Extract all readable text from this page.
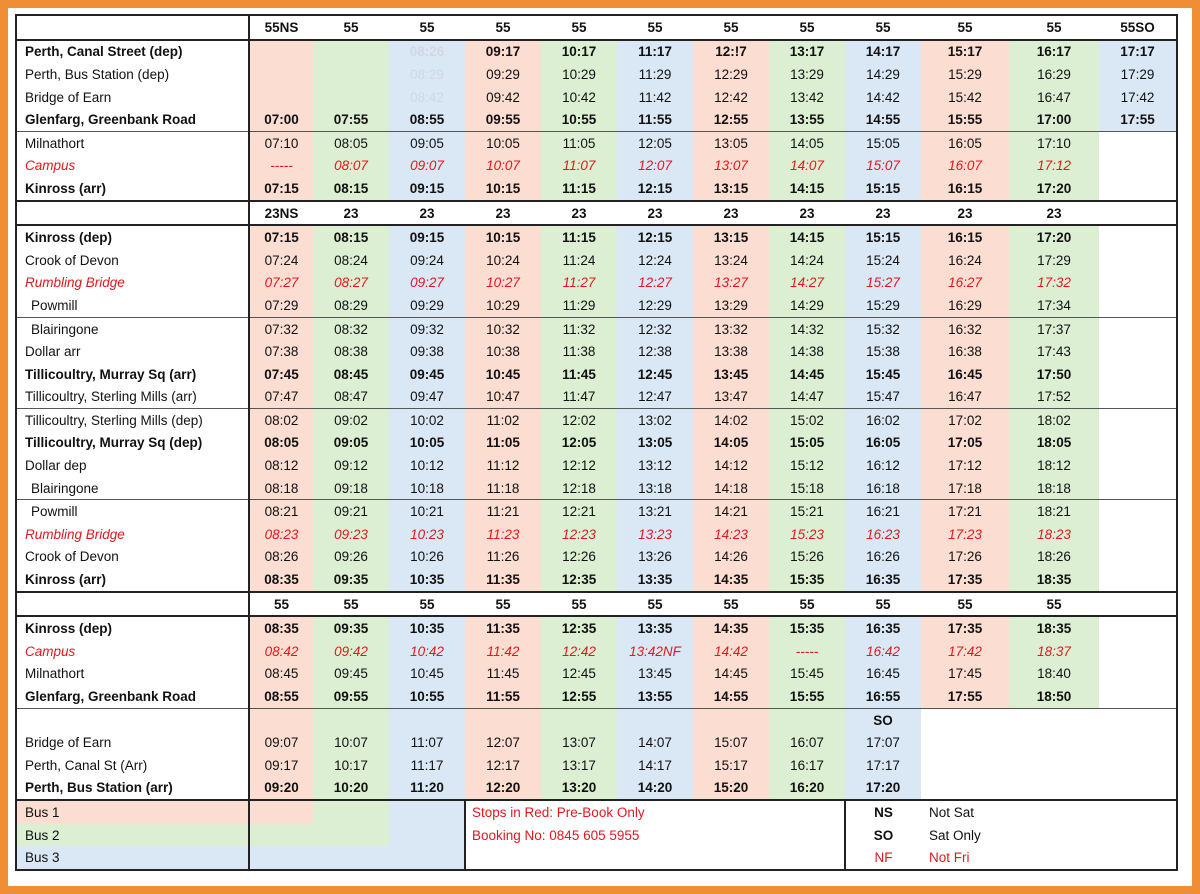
	55NS	55	55	55	55	55	55	55	55	55	55	55SO
Perth, Canal Street (dep)			08:26	09:17	10:17	11:17	12:!7	13:17	14:17	15:17	16:17	17:17
Perth, Bus Station (dep)			08:29	09:29	10:29	11:29	12:29	13:29	14:29	15:29	16:29	17:29
Bridge of Earn			08:42	09:42	10:42	11:42	12:42	13:42	14:42	15:42	16:47	17:42
Glenfarg, Greenbank Road	07:00	07:55	08:55	09:55	10:55	11:55	12:55	13:55	14:55	15:55	17:00	17:55
Milnathort	07:10	08:05	09:05	10:05	11:05	12:05	13:05	14:05	15:05	16:05	17:10	
Campus	-----	08:07	09:07	10:07	11:07	12:07	13:07	14:07	15:07	16:07	17:12	
Kinross (arr)	07:15	08:15	09:15	10:15	11:15	12:15	13:15	14:15	15:15	16:15	17:20	
	23NS	23	23	23	23	23	23	23	23	23	23	
Kinross (dep)	07:15	08:15	09:15	10:15	11:15	12:15	13:15	14:15	15:15	16:15	17:20	
Crook of Devon	07:24	08:24	09:24	10:24	11:24	12:24	13:24	14:24	15:24	16:24	17:29	
Rumbling Bridge	07:27	08:27	09:27	10:27	11:27	12:27	13:27	14:27	15:27	16:27	17:32	
Powmill	07:29	08:29	09:29	10:29	11:29	12:29	13:29	14:29	15:29	16:29	17:34	
Blairingone	07:32	08:32	09:32	10:32	11:32	12:32	13:32	14:32	15:32	16:32	17:37	
Dollar arr	07:38	08:38	09:38	10:38	11:38	12:38	13:38	14:38	15:38	16:38	17:43	
Tillicoultry, Murray Sq (arr)	07:45	08:45	09:45	10:45	11:45	12:45	13:45	14:45	15:45	16:45	17:50	
Tillicoultry, Sterling Mills (arr)	07:47	08:47	09:47	10:47	11:47	12:47	13:47	14:47	15:47	16:47	17:52	
Tillicoultry, Sterling Mills (dep)	08:02	09:02	10:02	11:02	12:02	13:02	14:02	15:02	16:02	17:02	18:02	
Tillicoultry, Murray Sq (dep)	08:05	09:05	10:05	11:05	12:05	13:05	14:05	15:05	16:05	17:05	18:05	
Dollar dep	08:12	09:12	10:12	11:12	12:12	13:12	14:12	15:12	16:12	17:12	18:12	
Blairingone	08:18	09:18	10:18	11:18	12:18	13:18	14:18	15:18	16:18	17:18	18:18	
Powmill	08:21	09:21	10:21	11:21	12:21	13:21	14:21	15:21	16:21	17:21	18:21	
Rumbling Bridge	08:23	09:23	10:23	11:23	12:23	13:23	14:23	15:23	16:23	17:23	18:23	
Crook of Devon	08:26	09:26	10:26	11:26	12:26	13:26	14:26	15:26	16:26	17:26	18:26	
Kinross (arr)	08:35	09:35	10:35	11:35	12:35	13:35	14:35	15:35	16:35	17:35	18:35	
	55	55	55	55	55	55	55	55	55	55	55	
Kinross (dep)	08:35	09:35	10:35	11:35	12:35	13:35	14:35	15:35	16:35	17:35	18:35	
Campus	08:42	09:42	10:42	11:42	12:42	13:42NF	14:42	-----	16:42	17:42	18:37	
Milnathort	08:45	09:45	10:45	11:45	12:45	13:45	14:45	15:45	16:45	17:45	18:40	
Glenfarg, Greenbank Road	08:55	09:55	10:55	11:55	12:55	13:55	14:55	15:55	16:55	17:55	18:50	
									SO			
Bridge of Earn	09:07	10:07	11:07	12:07	13:07	14:07	15:07	16:07	17:07			
Perth, Canal St (Arr)	09:17	10:17	11:17	12:17	13:17	14:17	15:17	16:17	17:17			
Perth, Bus Station (arr)	09:20	10:20	11:20	12:20	13:20	14:20	15:20	16:20	17:20			
Bus 1				Stops in Red: Pre-Book Only					NS	Not Sat		
Bus 2				Booking No: 0845 605 5955					SO	Sat Only		
Bus 3									NF	Not Fri		
